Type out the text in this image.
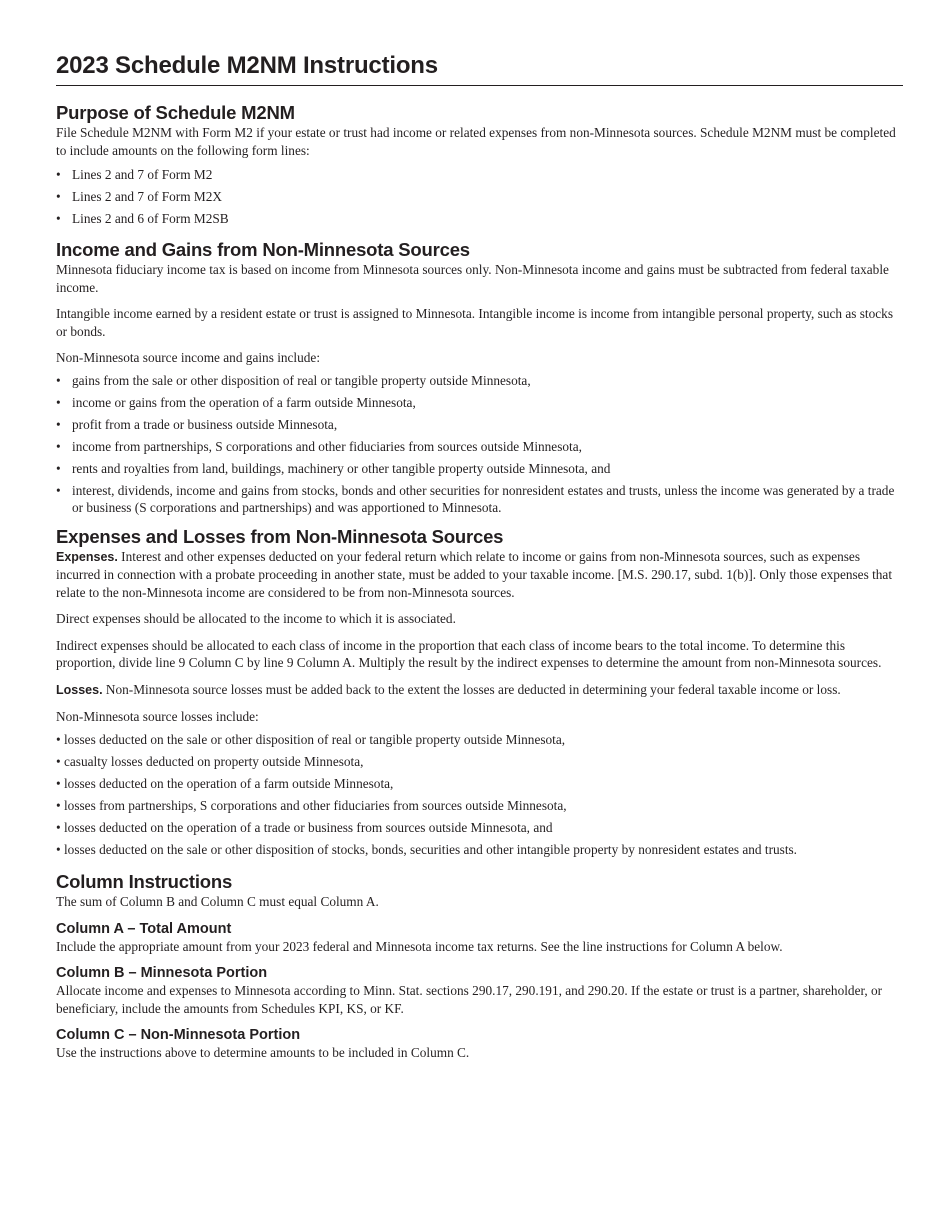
2023 Schedule M2NM Instructions
Purpose of Schedule M2NM

File Schedule M2NM with Form M2 if your estate or trust had income or related expenses from non-Minnesota sources. Schedule M2NM must be completed to include amounts on the following form lines:

• Lines 2 and 7 of Form M2
• Lines 2 and 7 of Form M2X
• Lines 2 and 6 of Form M2SB
Income and Gains from Non-Minnesota Sources

Minnesota fiduciary income tax is based on income from Minnesota sources only. Non-Minnesota income and gains must be subtracted from federal taxable income.

Intangible income earned by a resident estate or trust is assigned to Minnesota. Intangible income is income from intangible personal property, such as stocks or bonds.

Non-Minnesota source income and gains include:

• gains from the sale or other disposition of real or tangible property outside Minnesota,
• income or gains from the operation of a farm outside Minnesota,
• profit from a trade or business outside Minnesota,
• income from partnerships, S corporations and other fiduciaries from sources outside Minnesota,
• rents and royalties from land, buildings, machinery or other tangible property outside Minnesota, and
• interest, dividends, income and gains from stocks, bonds and other securities for nonresident estates and trusts, unless the income was generated by a trade or business (S corporations and partnerships) and was apportioned to Minnesota.
Expenses and Losses from Non-Minnesota Sources

Expenses. Interest and other expenses deducted on your federal return which relate to income or gains from non-Minnesota sources, such as expenses incurred in connection with a probate proceeding in another state, must be added to your taxable income. [M.S. 290.17, subd. 1(b)]. Only those expenses that relate to the non-Minnesota income are considered to be from non-Minnesota sources.

Direct expenses should be allocated to the income to which it is associated.

Indirect expenses should be allocated to each class of income in the proportion that each class of income bears to the total income. To determine this proportion, divide line 9 Column C by line 9 Column A. Multiply the result by the indirect expenses to determine the amount from non-Minnesota sources.

Losses. Non-Minnesota source losses must be added back to the extent the losses are deducted in determining your federal taxable income or loss.

Non-Minnesota source losses include:

• losses deducted on the sale or other disposition of real or tangible property outside Minnesota,
• casualty losses deducted on property outside Minnesota,
• losses deducted on the operation of a farm outside Minnesota,
• losses from partnerships, S corporations and other fiduciaries from sources outside Minnesota,
• losses deducted on the operation of a trade or business from sources outside Minnesota, and
• losses deducted on the sale or other disposition of stocks, bonds, securities and other intangible property by nonresident estates and trusts.
Column Instructions

The sum of Column B and Column C must equal Column A.

Column A – Total Amount

Include the appropriate amount from your 2023 federal and Minnesota income tax returns. See the line instructions for Column A below.

Column B – Minnesota Portion

Allocate income and expenses to Minnesota according to Minn. Stat. sections 290.17, 290.191, and 290.20. If the estate or trust is a partner, shareholder, or beneficiary, include the amounts from Schedules KPI, KS, or KF.

Column C – Non-Minnesota Portion

Use the instructions above to determine amounts to be included in Column C.
